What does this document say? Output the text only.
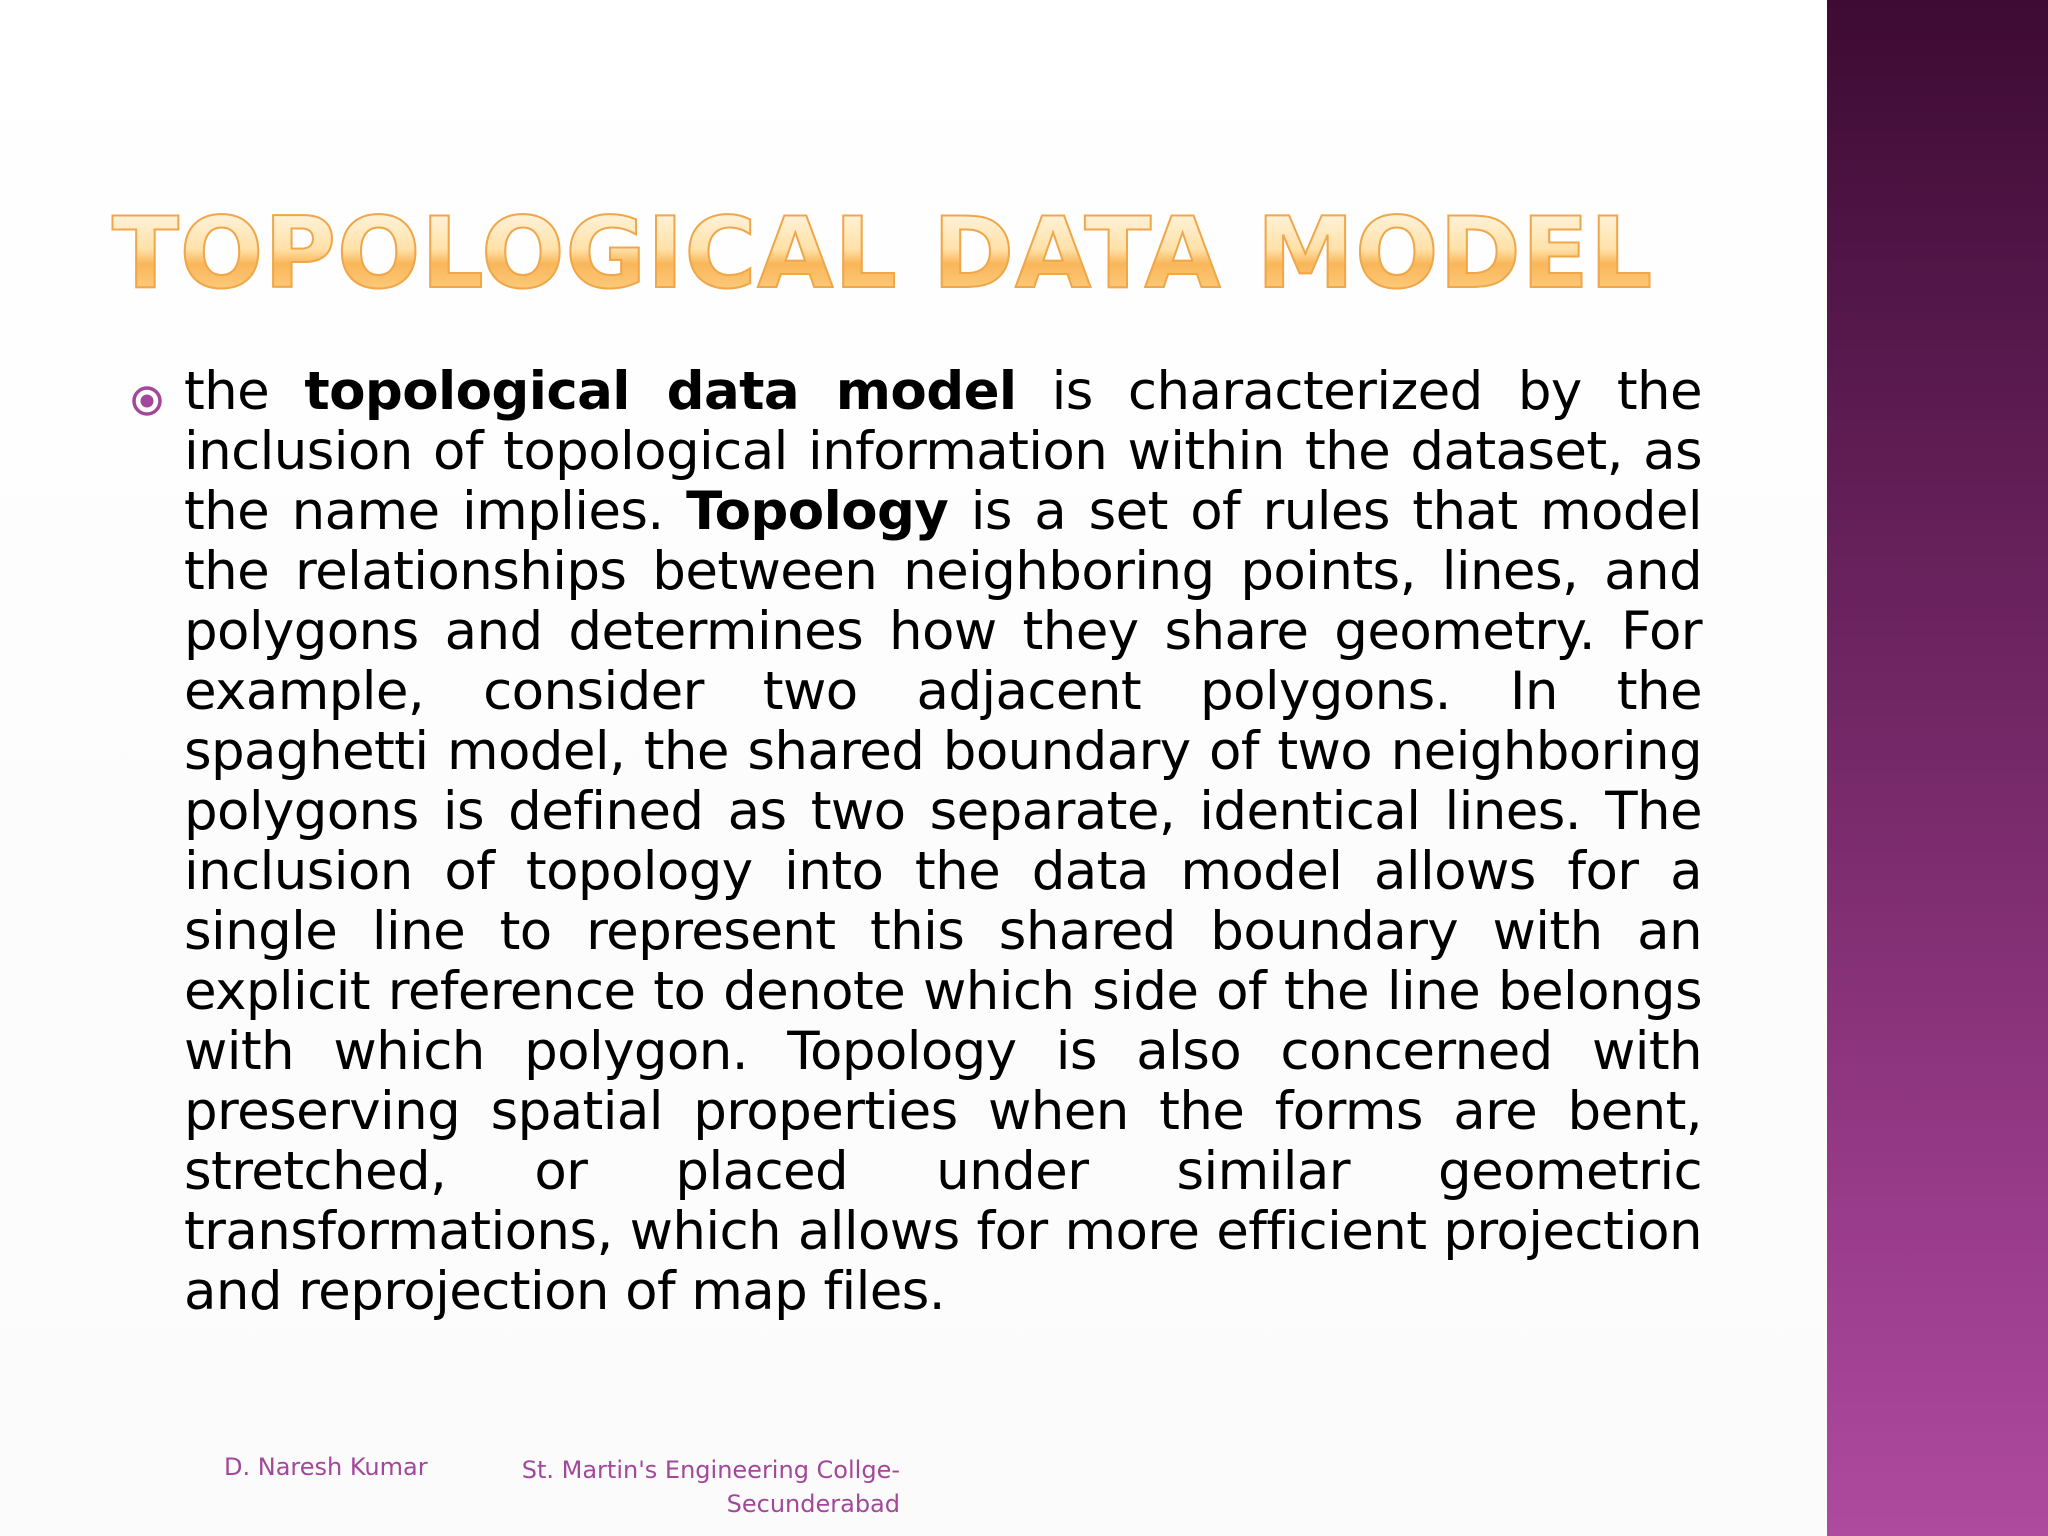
TOPOLOGICAL DATA MODEL

the topological data model is characterized by the inclusion of topological information within the dataset, as the name implies. Topology is a set of rules that model the relationships between neighboring points, lines, and polygons and determines how they share geometry. For example, consider two adjacent polygons. In the spaghetti model, the shared boundary of two neighboring polygons is defined as two separate, identical lines. The inclusion of topology into the data model allows for a single line to represent this shared boundary with an explicit reference to denote which side of the line belongs with which polygon. Topology is also concerned with preserving spatial properties when the forms are bent, stretched, or placed under similar geometric transformations, which allows for more efficient projection and reprojection of map files.

D. Naresh Kumar	St. Martin's Engineering Collge-
Secunderabad
